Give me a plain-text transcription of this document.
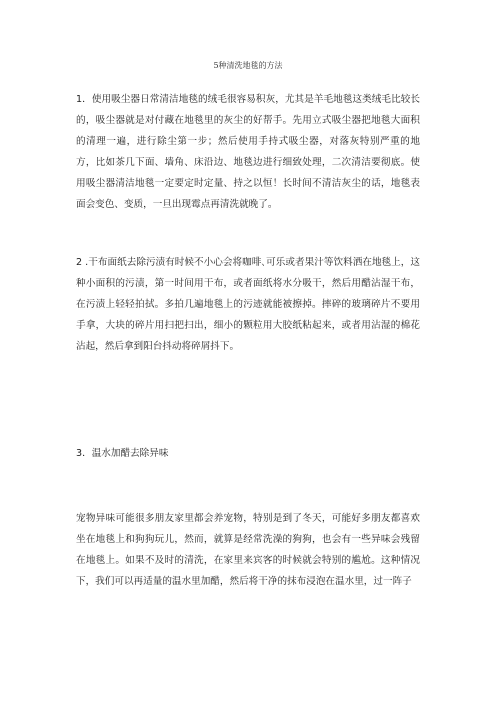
5种清洗地毯的方法

1．使用吸尘器日常清洁地毯的绒毛很容易积灰，尤其是羊毛地毯这类绒毛比较长的，吸尘器就是对付藏在地毯里的灰尘的好帮手。先用立式吸尘器把地毯大面积的清理一遍，进行除尘第一步；然后使用手持式吸尘器，对落灰特别严重的地方，比如茶几下面、墙角、床沿边、地毯边进行细致处理，二次清洁要彻底。使用吸尘器清洁地毯一定要定时定量、持之以恒！长时间不清洁灰尘的话，地毯表面会变色、变质，一旦出现霉点再清洗就晚了。

2 .干布面纸去除污渍有时候不小心会将咖啡､可乐或者果汁等饮料洒在地毯上，这种小面积的污渍，第一时间用干布，或者面纸将水分吸干，然后用醋沾湿干布，在污渍上轻轻拍拭。多拍几遍地毯上的污迹就能被擦掉。摔碎的玻璃碎片不要用手拿，大块的碎片用扫把扫出，细小的颗粒用大胶纸粘起来，或者用沾湿的棉花沾起，然后拿到阳台抖动将碎屑抖下。

3．温水加醋去除异味

宠物异味可能很多朋友家里都会养宠物，特别是到了冬天，可能好多朋友都喜欢坐在地毯上和狗狗玩儿，然而，就算是经常洗澡的狗狗，也会有一些异味会残留在地毯上。如果不及时的清洗，在家里来宾客的时候就会特别的尴尬。这种情况下，我们可以再适量的温水里加醋，然后将干净的抹布浸泡在温水里，过一阵子
